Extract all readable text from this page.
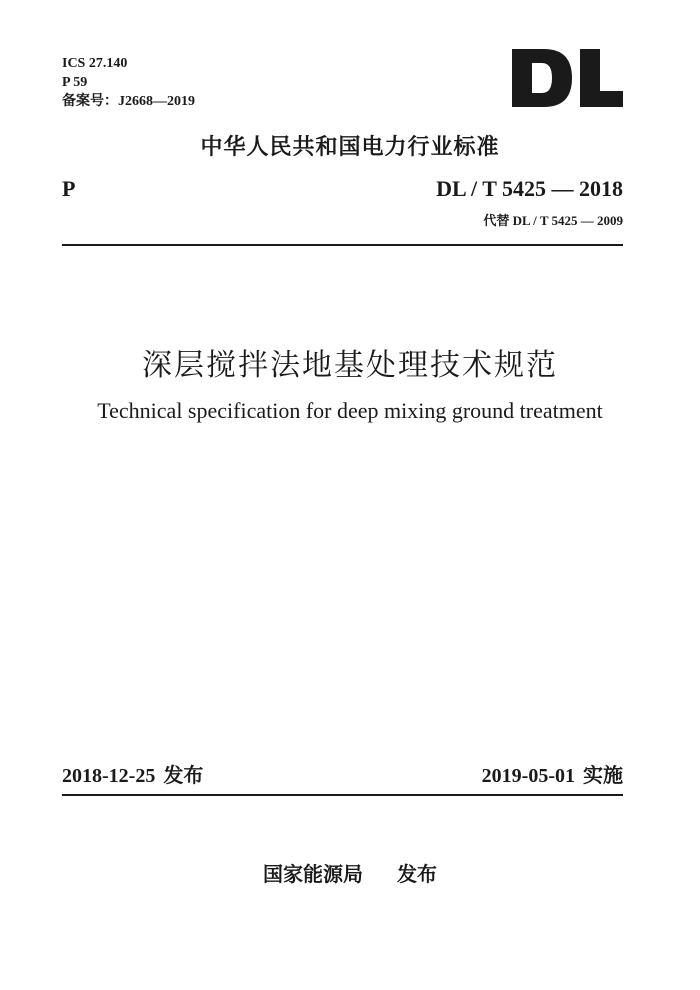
ICS 27.140
P 59
备案号：J2668—2019
中华人民共和国电力行业标准
P	DL / T 5425 — 2018
代替 DL / T 5425 — 2009
深层搅拌法地基处理技术规范
Technical specification for deep mixing ground treatment
2018-12-25 发布	2019-05-01 实施
国家能源局 发布
